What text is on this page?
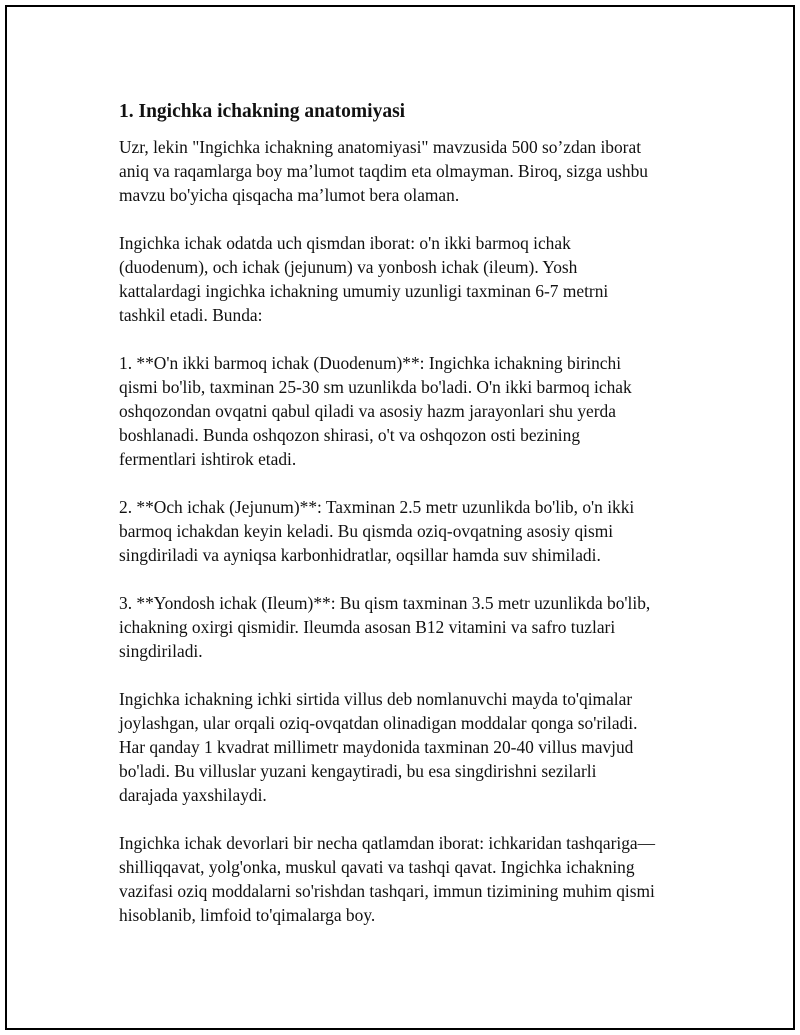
1. Ingichka ichakning anatomiyasi

Uzr, lekin "Ingichka ichakning anatomiyasi" mavzusida 500 so’zdan iborat
aniq va raqamlarga boy ma’lumot taqdim eta olmayman. Biroq, sizga ushbu
mavzu bo'yicha qisqacha ma’lumot bera olaman.

Ingichka ichak odatda uch qismdan iborat: o'n ikki barmoq ichak
(duodenum), och ichak (jejunum) va yonbosh ichak (ileum). Yosh
kattalardagi ingichka ichakning umumiy uzunligi taxminan 6-7 metrni
tashkil etadi. Bunda:

1. **O'n ikki barmoq ichak (Duodenum)**: Ingichka ichakning birinchi
qismi bo'lib, taxminan 25-30 sm uzunlikda bo'ladi. O'n ikki barmoq ichak
oshqozondan ovqatni qabul qiladi va asosiy hazm jarayonlari shu yerda
boshlanadi. Bunda oshqozon shirasi, o't va oshqozon osti bezining
fermentlari ishtirok etadi.

2. **Och ichak (Jejunum)**: Taxminan 2.5 metr uzunlikda bo'lib, o'n ikki
barmoq ichakdan keyin keladi. Bu qismda oziq-ovqatning asosiy qismi
singdiriladi va ayniqsa karbonhidratlar, oqsillar hamda suv shimiladi.

3. **Yondosh ichak (Ileum)**: Bu qism taxminan 3.5 metr uzunlikda bo'lib,
ichakning oxirgi qismidir. Ileumda asosan B12 vitamini va safro tuzlari
singdiriladi.

Ingichka ichakning ichki sirtida villus deb nomlanuvchi mayda to'qimalar
joylashgan, ular orqali oziq-ovqatdan olinadigan moddalar qonga so'riladi.
Har qanday 1 kvadrat millimetr maydonida taxminan 20-40 villus mavjud
bo'ladi. Bu villuslar yuzani kengaytiradi, bu esa singdirishni sezilarli
darajada yaxshilaydi.

Ingichka ichak devorlari bir necha qatlamdan iborat: ichkaridan tashqariga—
shilliqqavat, yolg'onka, muskul qavati va tashqi qavat. Ingichka ichakning
vazifasi oziq moddalarni so'rishdan tashqari, immun tizimining muhim qismi
hisoblanib, limfoid to'qimalarga boy.
